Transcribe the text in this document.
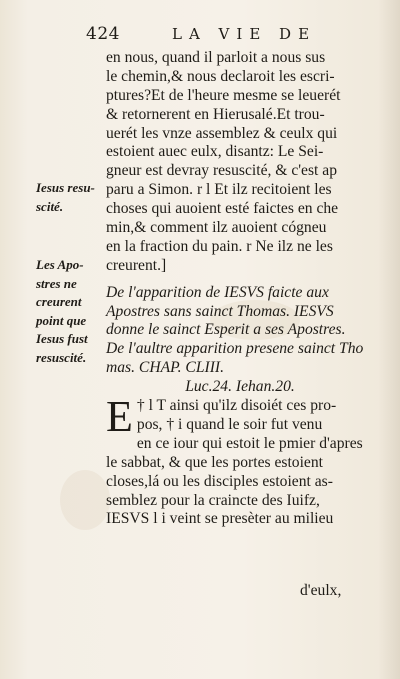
424	LA VIE DE
Iesus resu-
scité.
Les Apo-
stres ne
creurent
point que
Iesus fust
resuscité.
en nous, quand il parloit a nous sus
le chemin,& nous declaroit les escri-
ptures?Et de l'heure mesme se leuerét
& retornerent en Hierusalé.Et trou-
uerét les vnze assemblez & ceulx qui
estoient auec eulx, disantz: Le Sei-
gneur est devray resuscité, & c'est ap
paru a Simon. r l Et ilz recitoient les
choses qui auoient esté faictes en che
min,& comment ilz auoient cógneu
en la fraction du pain. r Ne ilz ne les
creurent.]
De l'apparition de IESVS faicte aux
Apostres sans sainct Thomas. IESVS
donne le sainct Esperit a ses Apostres.
De l'aultre apparition presene sainct Tho
mas. CHAP. CLIII.
Luc.24. Iehan.20.
E † l T ainsi qu'ilz disoiét ces pro-
pos, † i quand le soir fut venu
en ce iour qui estoit le pmier d'apres
le sabbat, & que les portes estoient
closes,lá ou les disciples estoient as-
semblez pour la craincte des Iuifz,
IESVS l i veint se presèter au milieu
d'eulx,
